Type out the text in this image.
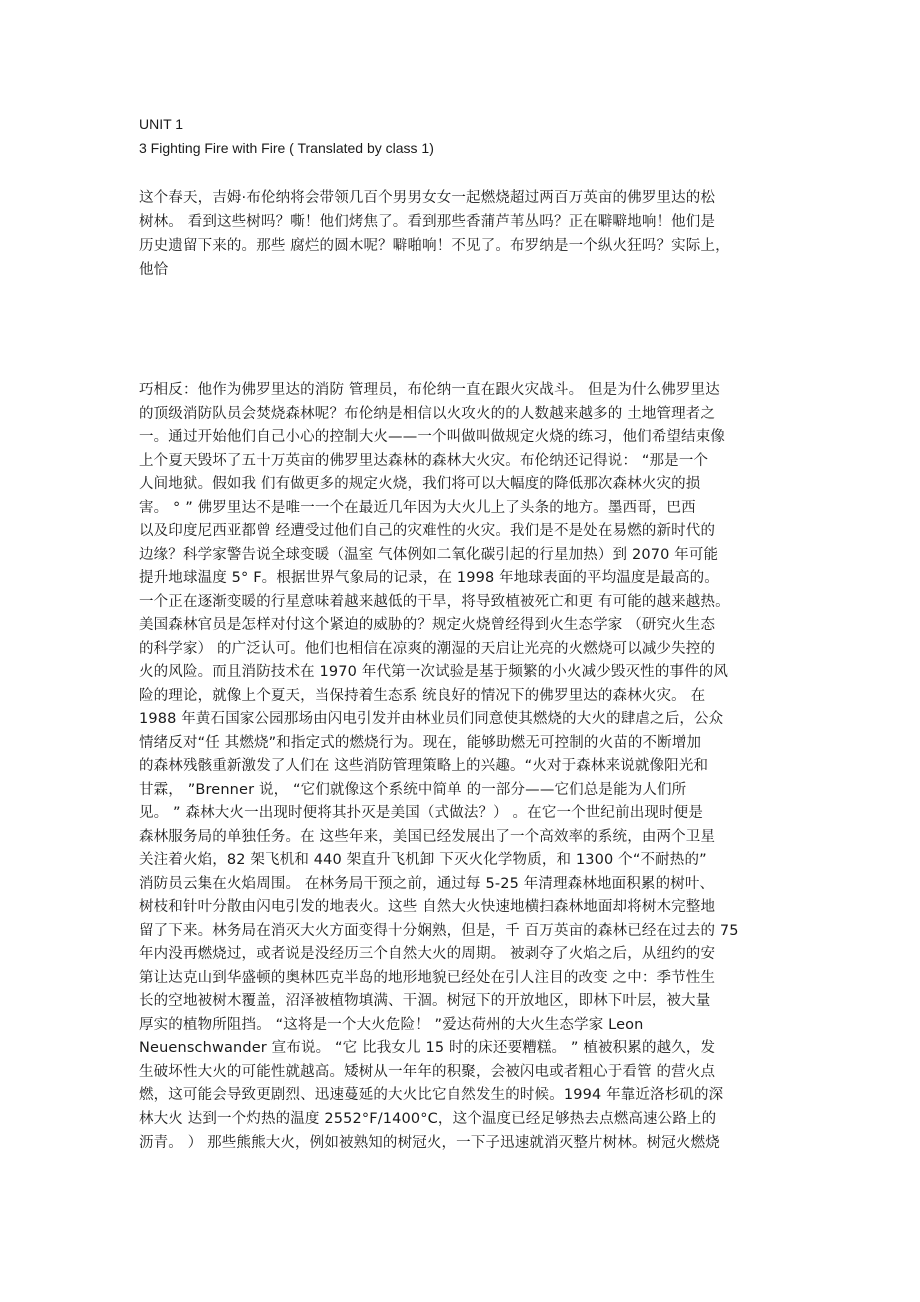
UNIT 1
3 Fighting Fire with Fire ( Translated by class 1)
这个春天，吉姆·布伦纳将会带领几百个男男女女一起燃烧超过两百万英亩的佛罗里达的松
树林。 看到这些树吗？嘶！他们烤焦了。看到那些香蒲芦苇丛吗？正在噼噼地响！他们是
历史遗留下来的。那些 腐烂的圆木呢？噼啪响！不见了。布罗纳是一个纵火狂吗？实际上，
他恰
巧相反：他作为佛罗里达的消防 管理员，布伦纳一直在跟火灾战斗。 但是为什么佛罗里达
的顶级消防队员会焚烧森林呢？布伦纳是相信以火攻火的的人数越来越多的 土地管理者之
一。通过开始他们自己小心的控制大火——一个叫做叫做规定火烧的练习，他们希望结束像
上个夏天毁坏了五十万英亩的佛罗里达森林的森林大火灾。布伦纳还记得说： “那是一个
人间地狱。假如我 们有做更多的规定火烧，我们将可以大幅度的降低那次森林火灾的损
害。 ° ” 佛罗里达不是唯一一个在最近几年因为大火儿上了头条的地方。墨西哥，巴西
以及印度尼西亚都曾 经遭受过他们自己的灾难性的火灾。我们是不是处在易燃的新时代的
边缘？科学家警告说全球变暖（温室 气体例如二氧化碳引起的行星加热）到 2070 年可能
提升地球温度 5° F。根据世界气象局的记录，在 1998 年地球表面的平均温度是最高的。
一个正在逐渐变暖的行星意味着越来越低的干旱，将导致植被死亡和更 有可能的越来越热。
美国森林官员是怎样对付这个紧迫的威胁的？规定火烧曾经得到火生态学家 （研究火生态
的科学家） 的广泛认可。他们也相信在凉爽的潮湿的天启让光亮的火燃烧可以减少失控的
火的风险。而且消防技术在 1970 年代第一次试验是基于频繁的小火减少毁灭性的事件的风
险的理论，就像上个夏天，当保持着生态系 统良好的情况下的佛罗里达的森林火灾。 在
1988 年黄石国家公园那场由闪电引发并由林业员们同意使其燃烧的大火的肆虐之后，公众
情绪反对“任 其燃烧”和指定式的燃烧行为。现在，能够助燃无可控制的火苗的不断增加
的森林残骸重新激发了人们在 这些消防管理策略上的兴趣。“火对于森林来说就像阳光和
甘霖， ”Brenner 说， “它们就像这个系统中简单 的一部分——它们总是能为人们所
见。 ” 森林大火一出现时便将其扑灭是美国（式做法？） 。在它一个世纪前出现时便是
森林服务局的单独任务。在 这些年来，美国已经发展出了一个高效率的系统，由两个卫星
关注着火焰，82 架飞机和 440 架直升飞机卸 下灭火化学物质，和 1300 个“不耐热的”
消防员云集在火焰周围。 在林务局干预之前，通过每 5-25 年清理森林地面积累的树叶、
树枝和针叶分散由闪电引发的地表火。这些 自然大火快速地横扫森林地面却将树木完整地
留了下来。林务局在消灭大火方面变得十分娴熟，但是，千 百万英亩的森林已经在过去的 75
年内没再燃烧过，或者说是没经历三个自然大火的周期。 被剥夺了火焰之后，从纽约的安
第让达克山到华盛顿的奥林匹克半岛的地形地貌已经处在引人注目的改变 之中：季节性生
长的空地被树木覆盖，沼泽被植物填满、干涸。树冠下的开放地区，即林下叶层，被大量
厚实的植物所阻挡。 “这将是一个大火危险！ ”爱达荷州的大火生态学家 Leon
Neuenschwander 宣布说。 “它 比我女儿 15 时的床还要糟糕。 ” 植被积累的越久，发
生破坏性大火的可能性就越高。矮树从一年年的积聚，会被闪电或者粗心于看管 的营火点
燃，这可能会导致更剧烈、迅速蔓延的大火比它自然发生的时候。1994 年靠近洛杉矶的深
林大火 达到一个灼热的温度 2552°F/1400°C，这个温度已经足够热去点燃高速公路上的
沥青。 ） 那些熊熊大火，例如被熟知的树冠火，一下子迅速就消灭整片树林。树冠火燃烧
